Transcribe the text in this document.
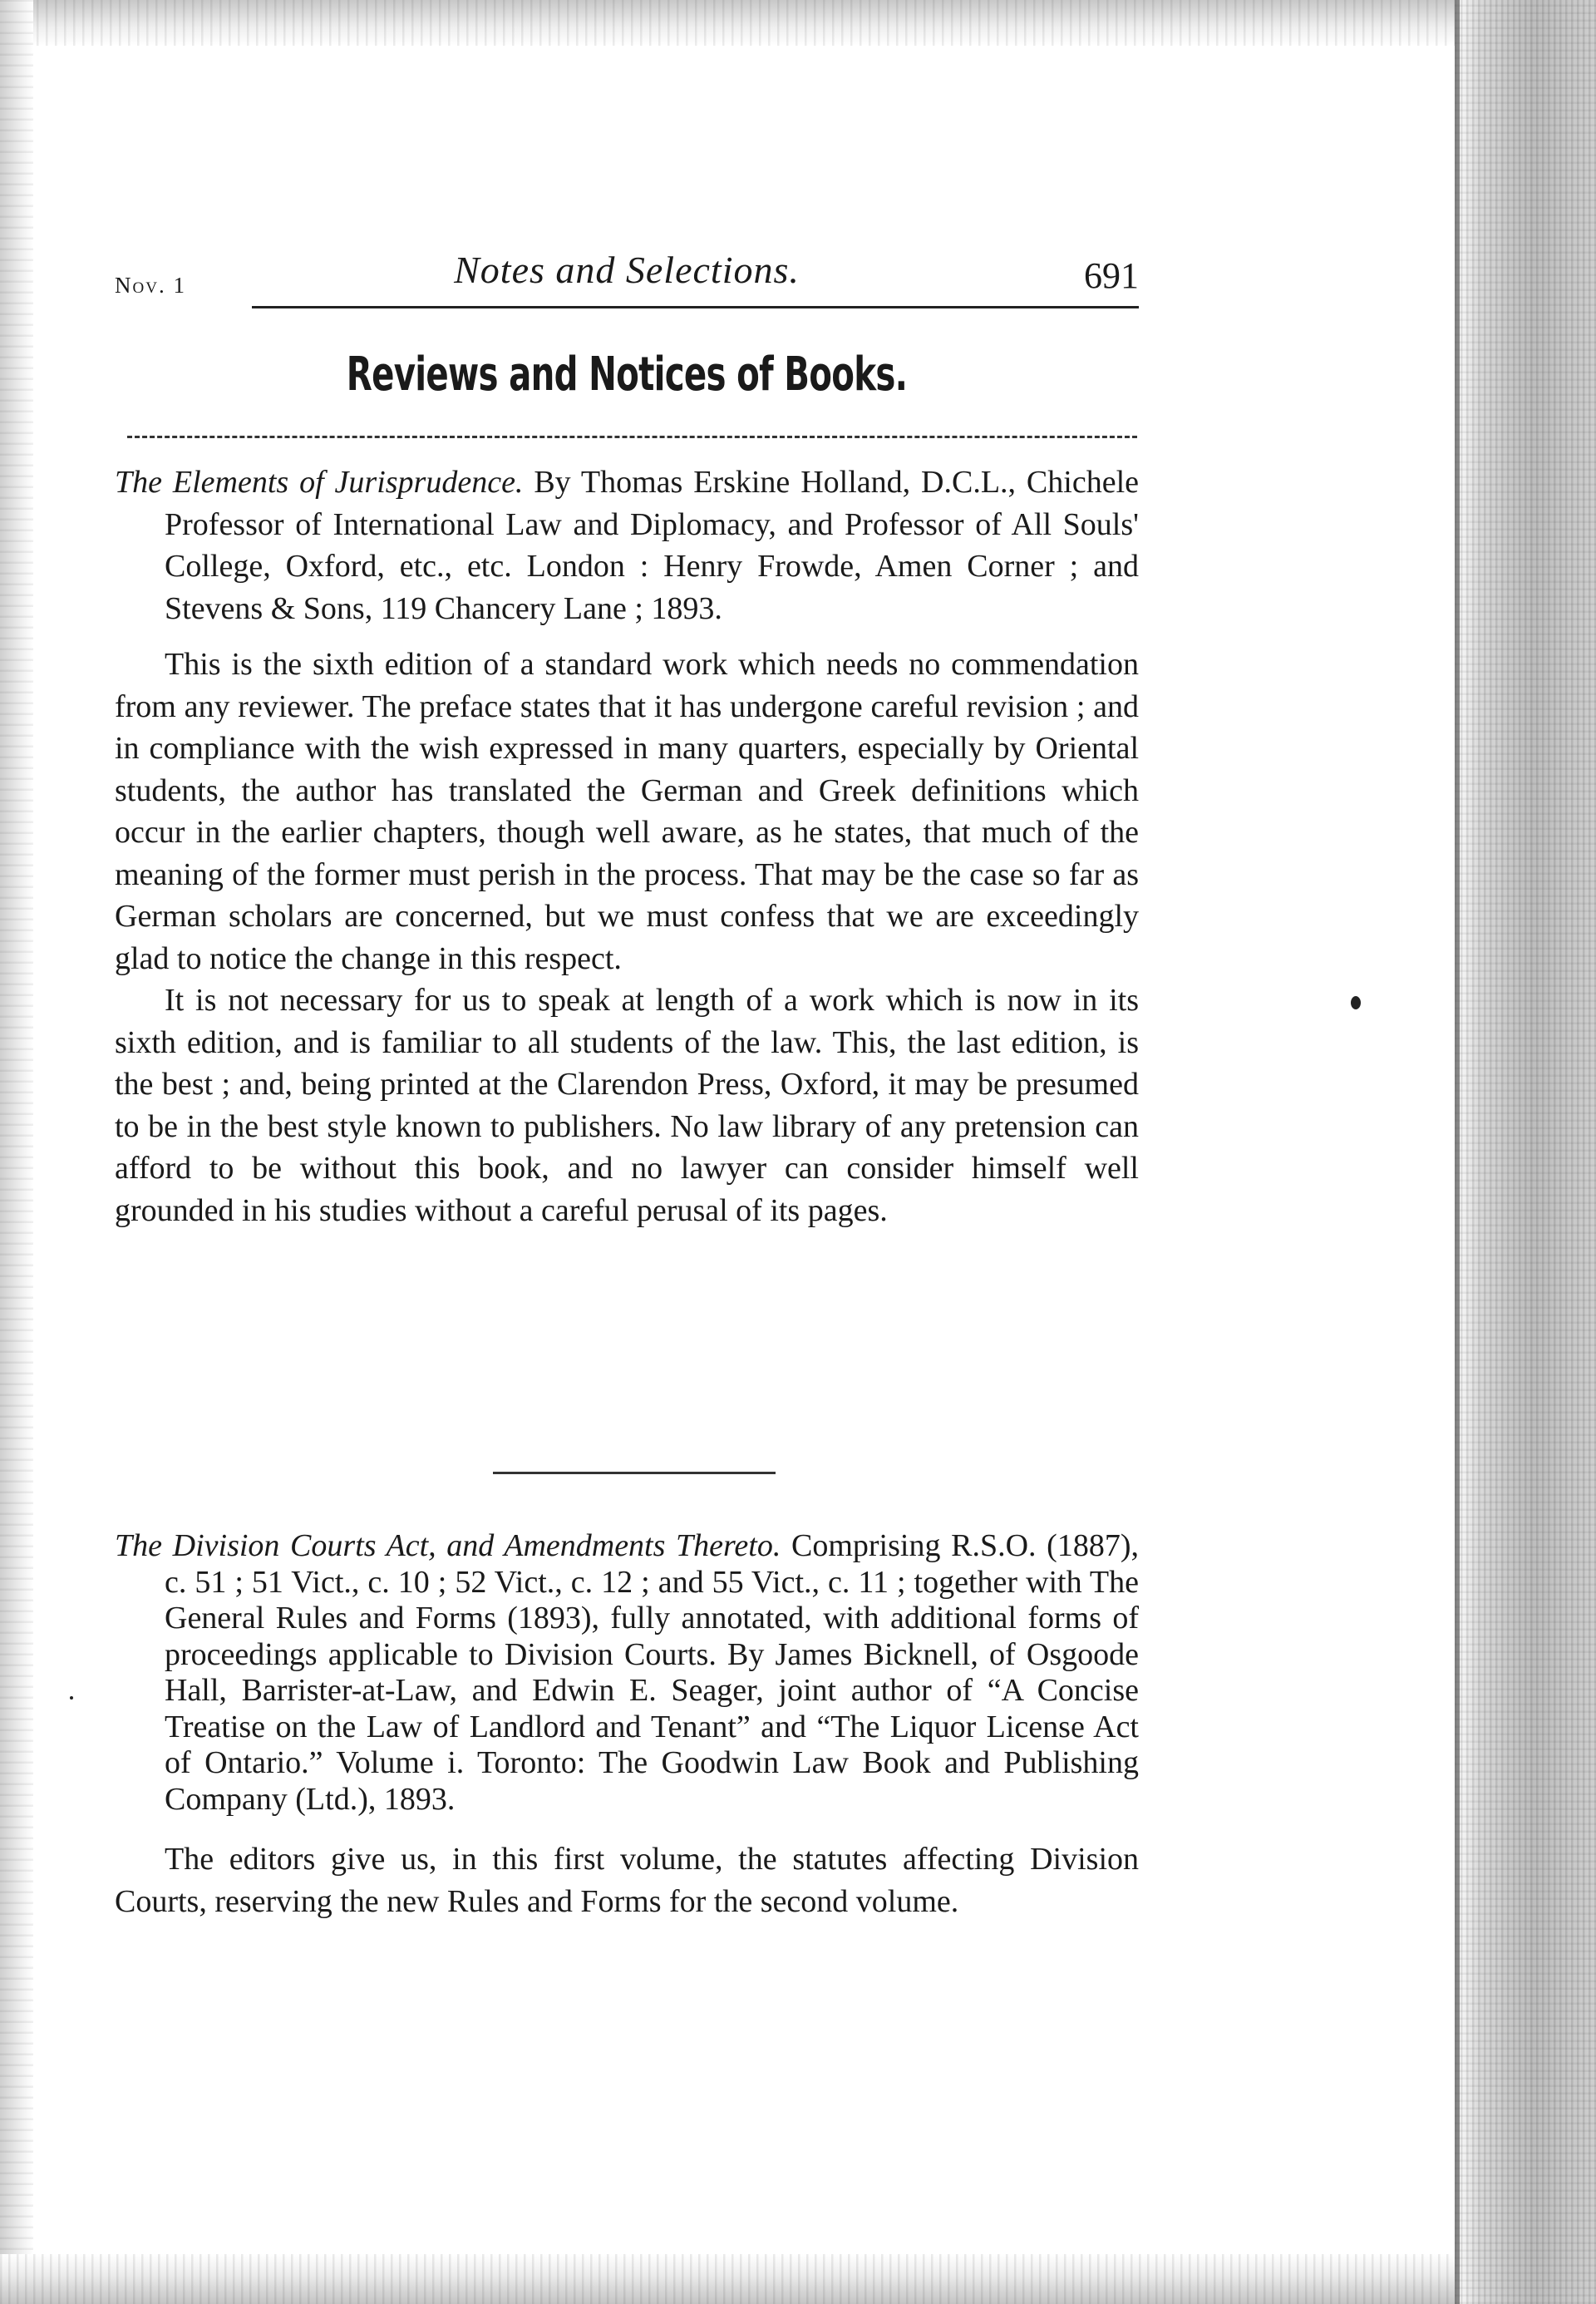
Nov. 1	Notes and Selections.	691
Reviews and Notices of Books.

The Elements of Jurisprudence. By Thomas Erskine Holland, D.C.L., Chichele Professor of International Law and Diplomacy, and Professor of All Souls' College, Oxford, etc., etc. London : Henry Frowde, Amen Corner ; and Stevens & Sons, 119 Chancery Lane ; 1893.

This is the sixth edition of a standard work which needs no commendation from any reviewer. The preface states that it has undergone careful revision ; and in compliance with the wish expressed in many quarters, especially by Oriental students, the author has translated the German and Greek definitions which occur in the earlier chapters, though well aware, as he states, that much of the meaning of the former must perish in the process. That may be the case so far as German scholars are concerned, but we must confess that we are exceedingly glad to notice the change in this respect.

It is not necessary for us to speak at length of a work which is now in its sixth edition, and is familiar to all students of the law. This, the last edition, is the best ; and, being printed at the Clarendon Press, Oxford, it may be presumed to be in the best style known to publishers. No law library of any pretension can afford to be without this book, and no lawyer can consider himself well grounded in his studies without a careful perusal of its pages.

The Division Courts Act, and Amendments Thereto. Comprising R.S.O. (1887), c. 51 ; 51 Vict., c. 10 ; 52 Vict., c. 12 ; and 55 Vict., c. 11 ; together with The General Rules and Forms (1893), fully annotated, with additional forms of proceedings applicable to Division Courts. By James Bicknell, of Osgoode Hall, Barrister-at-Law, and Edwin E. Seager, joint author of “A Concise Treatise on the Law of Landlord and Tenant” and “The Liquor License Act of Ontario.” Volume i. Toronto: The Goodwin Law Book and Publishing Company (Ltd.), 1893.

The editors give us, in this first volume, the statutes affecting Division Courts, reserving the new Rules and Forms for the second volume.
